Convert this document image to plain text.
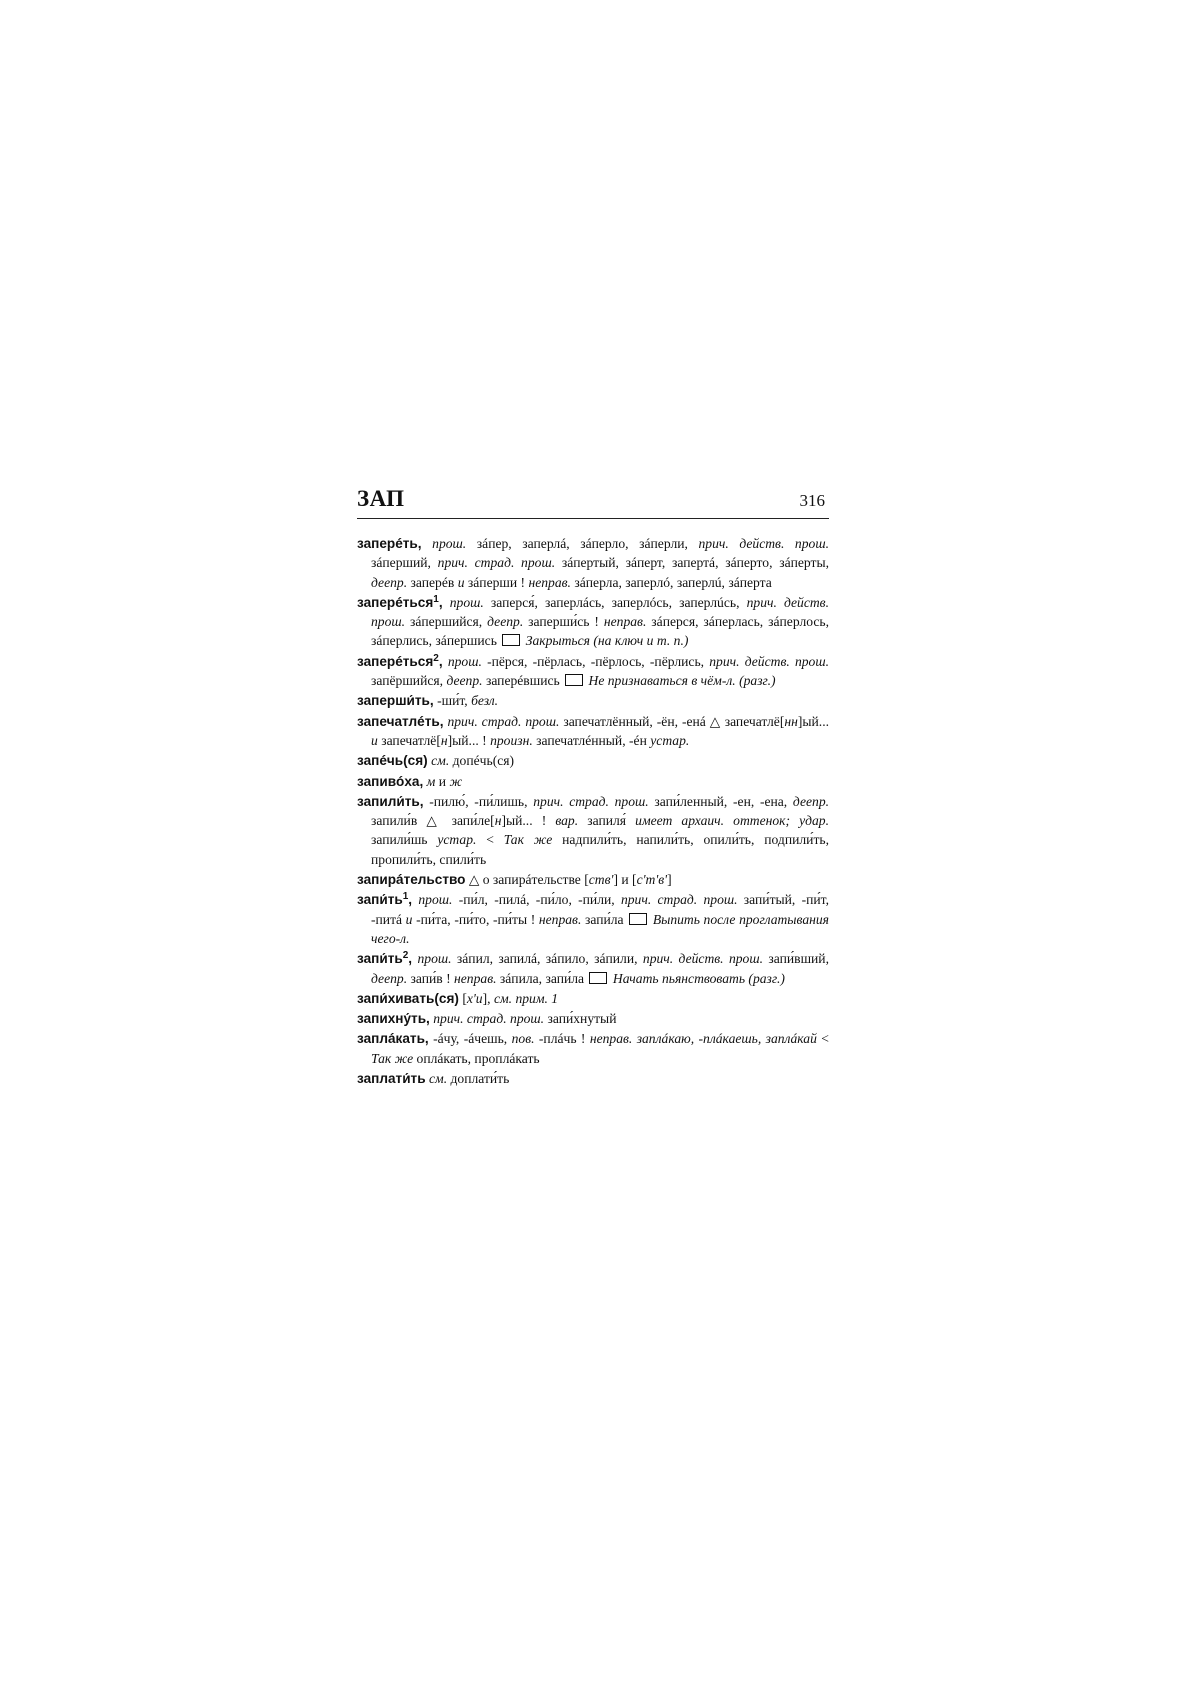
ЗАП	316

заперéть, прош. зáпер, заперлá, зáперло, зáперли, прич. действ. прош. зáперший, прич. страд. прош. зáпертый, зáперт, запертá, зáперто, зáперты, деепр. заперéв и зáперши ! неправ. зáперла, заперлó, заперлú, зáперта

заперéться$^1$, прош. заперся́, заперлáсь, заперлóсь, заперлúсь, прич. действ. прош. зáпершийся, деепр. заперши́сь ! неправ. зáперся, зáперлась, зáперлось, зáперлись, зáпершись  Закрыться (на ключ и т. п.)

заперéться$^2$, прош. -пёрся, -пёрлась, -пёрлось, -пёрлись, прич. действ. прош. запёршийся, деепр. заперéвшись  Не признаваться в чём-л. (разг.)

заперши́ть, -ши́т, безл.

запечатлéть, прич. страд. прош. запечатлённый, -ён, -енá △ запечатлё[нн]ый... и запечатлё[н]ый... ! произн. запечатлéнный, -éн устар.

запéчь(ся) см. допéчь(ся)

запивóха, м и ж

запили́ть, -пилю́, -пи́лишь, прич. страд. прош. запи́ленный, -ен, -ена, деепр. запили́в △ запи́ле[н]ый... ! вар. запиля́ имеет архаич. оттенок; удар. запили́шь устар. < Так же надпили́ть, напили́ть, опили́ть, подпили́ть, пропили́ть, спили́ть

запирáтельство △ о запирáтельстве [ств'] и [с'т'в']

$запи́ть^1$, прош. -пи́л, -пилá, -пи́ло, -пи́ли, прич. страд. прош. запи́тый, -пи́т, -питá и -пи́та, -пи́то, -пи́ты ! неправ. запи́ла  Выпить после проглатывания чего-л.

$запи́ть^2$, прош. зáпил, запилá, зáпило, зáпили, прич. действ. прош. запи́вший, деепр. запи́в ! неправ. зáпила, запи́ла  Начать пьянствовать (разг.)

запи́хивать(ся) [х'и], см. прим. 1

запихну́ть, прич. страд. прош. запи́хнутый

заплáкать, -áчу, -áчешь, пов. -плáчь ! неправ. заплáкаю, -плáкаешь, заплáкай < Так же оплáкать, проплáкать

заплати́ть см. доплати́ть
